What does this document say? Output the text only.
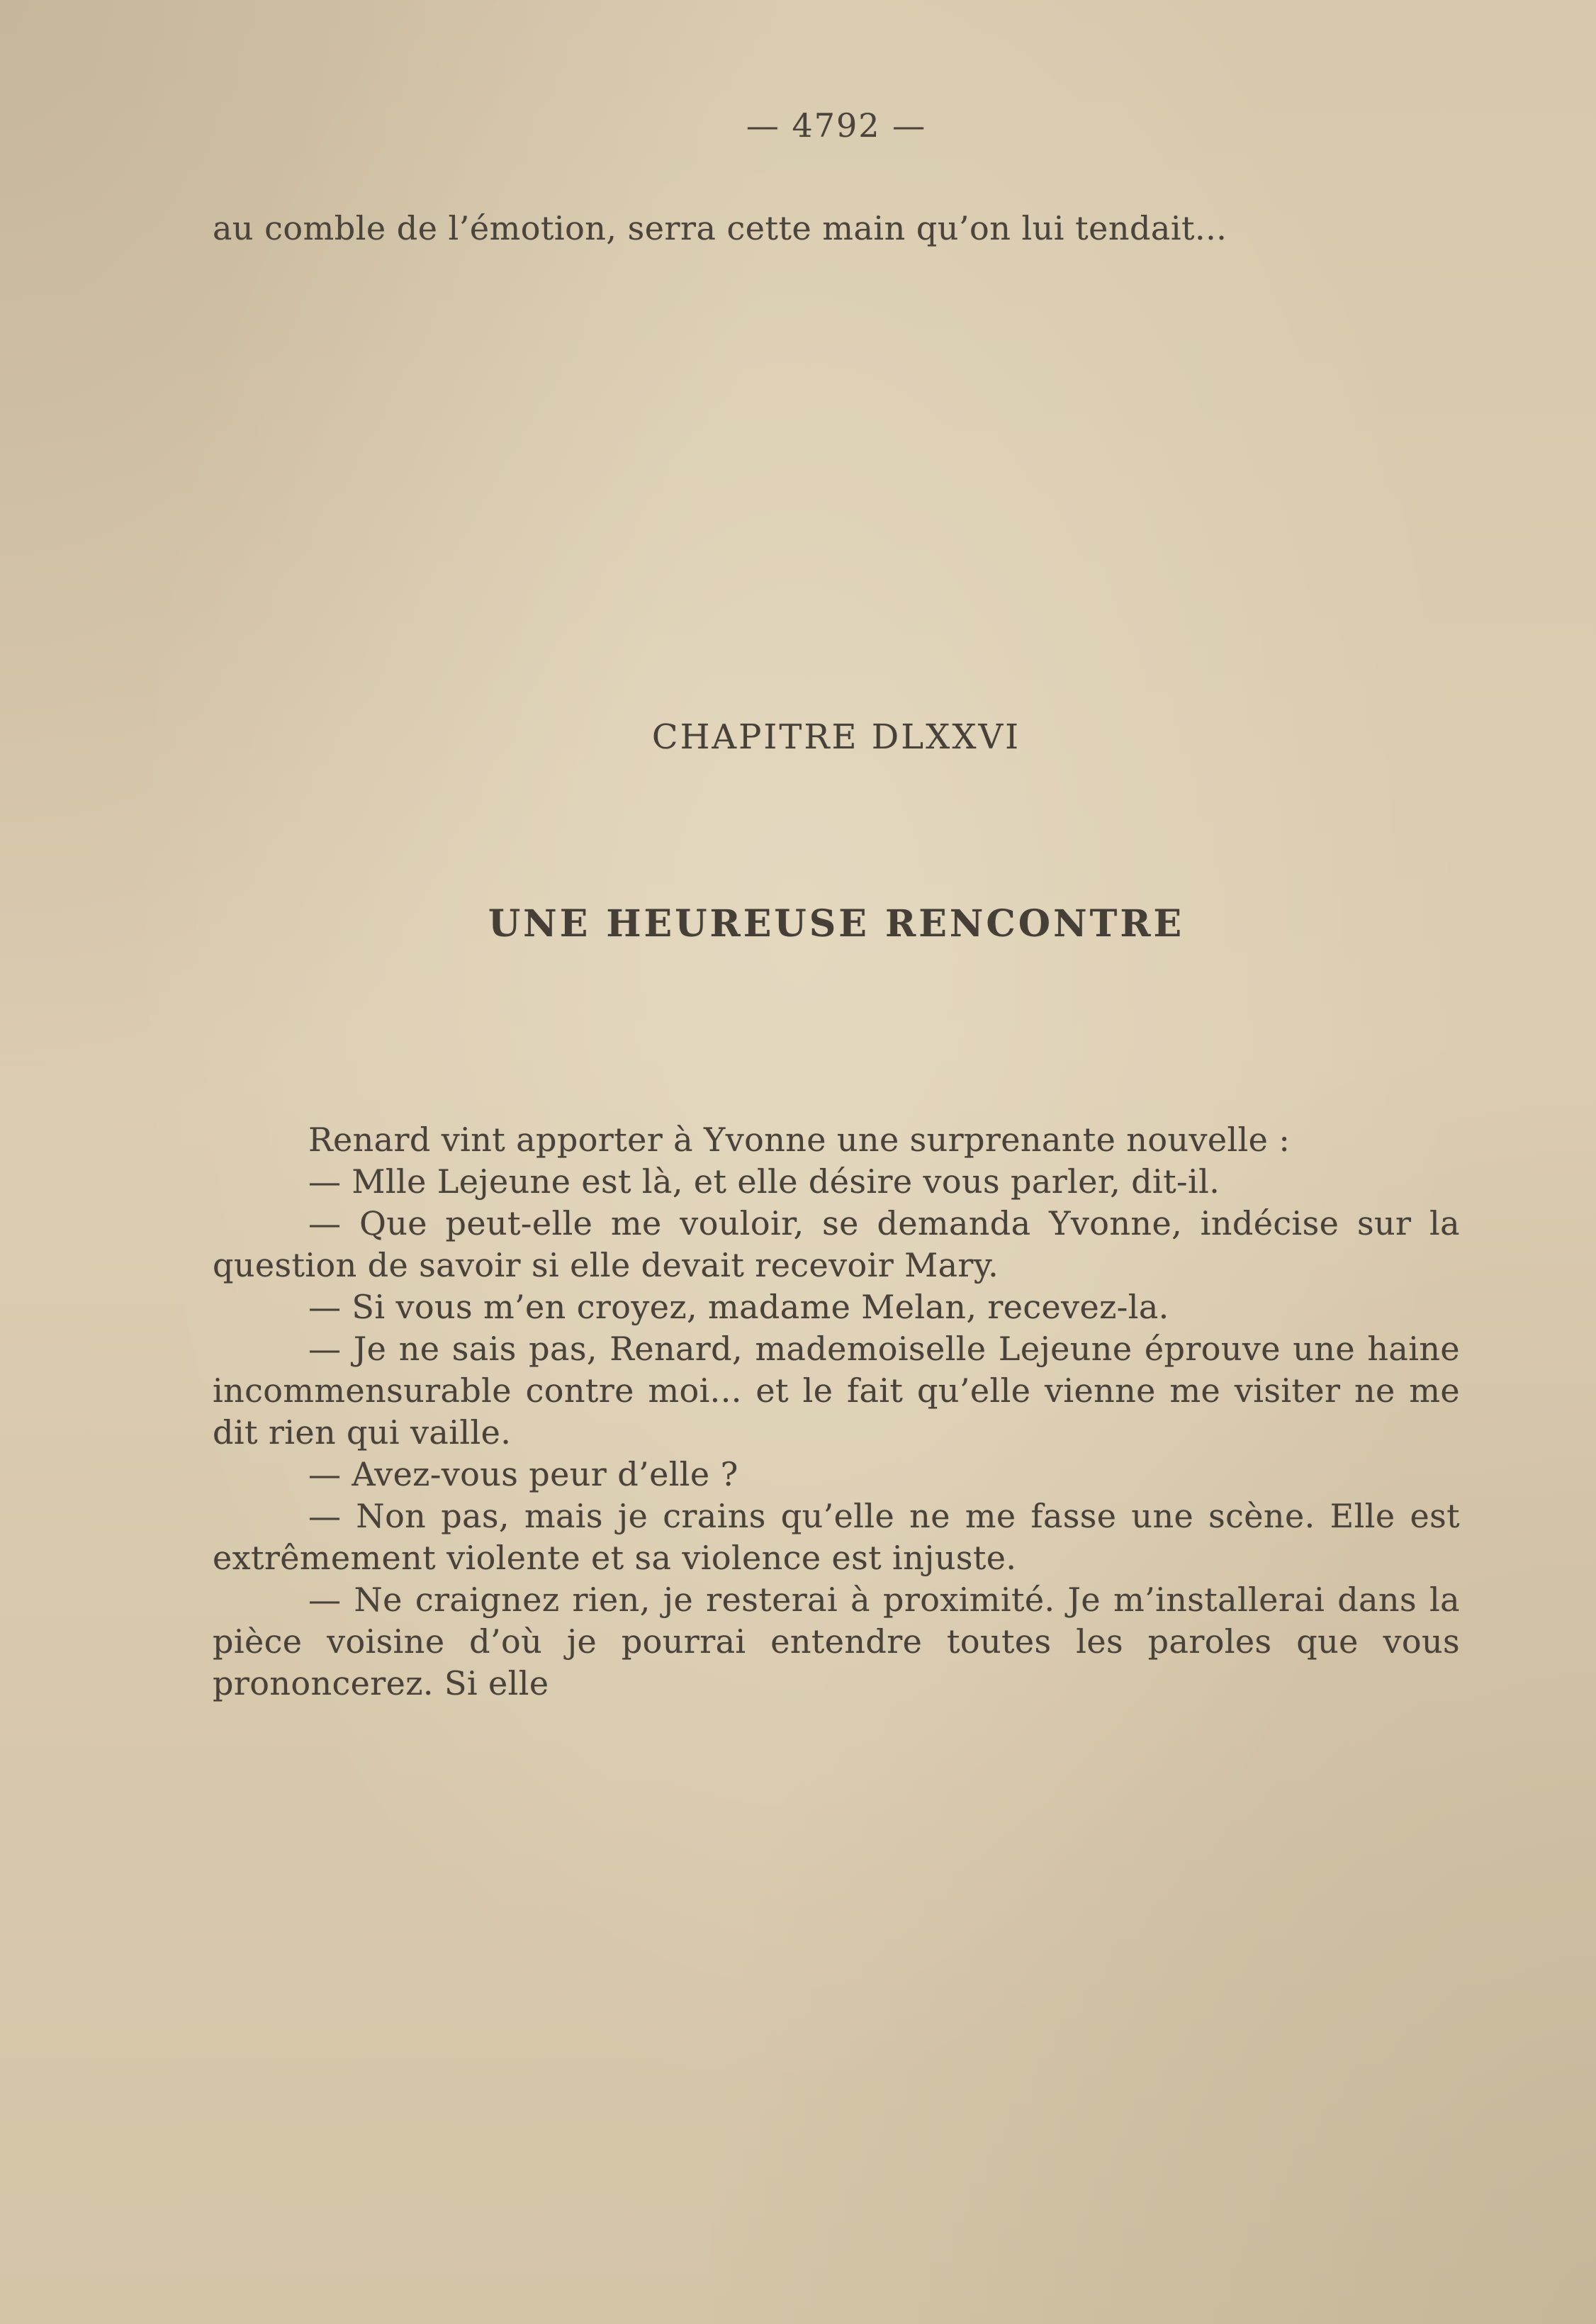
— 4792 —
au comble de l’émotion, serra cette main qu’on lui tendait...
CHAPITRE DLXXVI
UNE HEUREUSE RENCONTRE

Renard vint apporter à Yvonne une surprenante nouvelle :

— Mlle Lejeune est là, et elle désire vous parler, dit-il.

— Que peut-elle me vouloir, se demanda Yvonne, indécise sur la question de savoir si elle devait recevoir Mary.

— Si vous m’en croyez, madame Melan, recevez-la.

— Je ne sais pas, Renard, mademoiselle Lejeune éprouve une haine incommensurable contre moi... et le fait qu’elle vienne me visiter ne me dit rien qui vaille.

— Avez-vous peur d’elle ?

— Non pas, mais je crains qu’elle ne me fasse une scène. Elle est extrêmement violente et sa violence est injuste.

— Ne craignez rien, je resterai à proximité. Je m’installerai dans la pièce voisine d’où je pourrai entendre toutes les paroles que vous prononcerez. Si elle
